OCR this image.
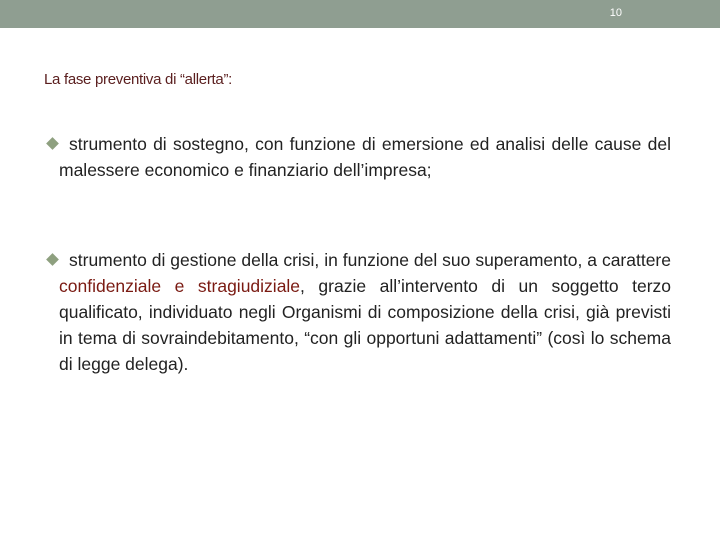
10
La fase preventiva di “allerta”:
strumento di sostegno, con funzione di emersione ed analisi delle cause del malessere economico e finanziario dell’impresa;
strumento di gestione della crisi, in funzione del suo superamento, a carattere confidenziale e stragiudiziale, grazie all’intervento di un soggetto terzo qualificato, individuato negli Organismi di composizione della crisi, già previsti in tema di sovraindebitamento, “con gli opportuni adattamenti” (così lo schema di legge delega).
